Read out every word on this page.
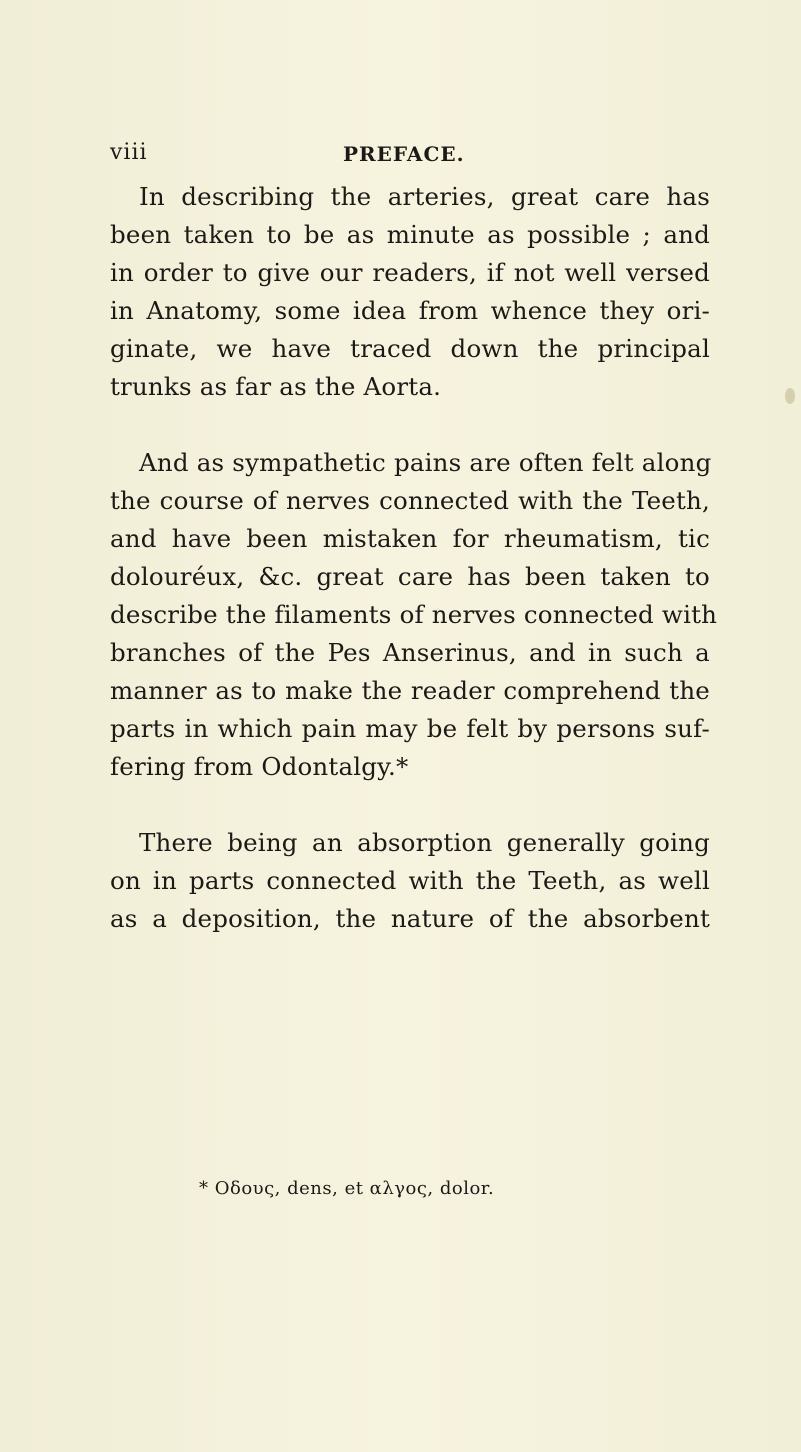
viii	PREFACE.
In describing the arteries, great care has
been taken to be as minute as possible ; and
in order to give our readers, if not well versed
in Anatomy, some idea from whence they ori-
ginate, we have traced down the principal
trunks as far as the Aorta.
And as sympathetic pains are often felt along
the course of nerves connected with the Teeth,
and have been mistaken for rheumatism, tic
dolouréux, &c. great care has been taken to
describe the filaments of nerves connected with
branches of the Pes Anserinus, and in such a
manner as to make the reader comprehend the
parts in which pain may be felt by persons suf-
fering from Odontalgy.*
There being an absorption generally going
on in parts connected with the Teeth, as well
as a deposition, the nature of the absorbent
* Οδους, dens, et αλγος, dolor.
